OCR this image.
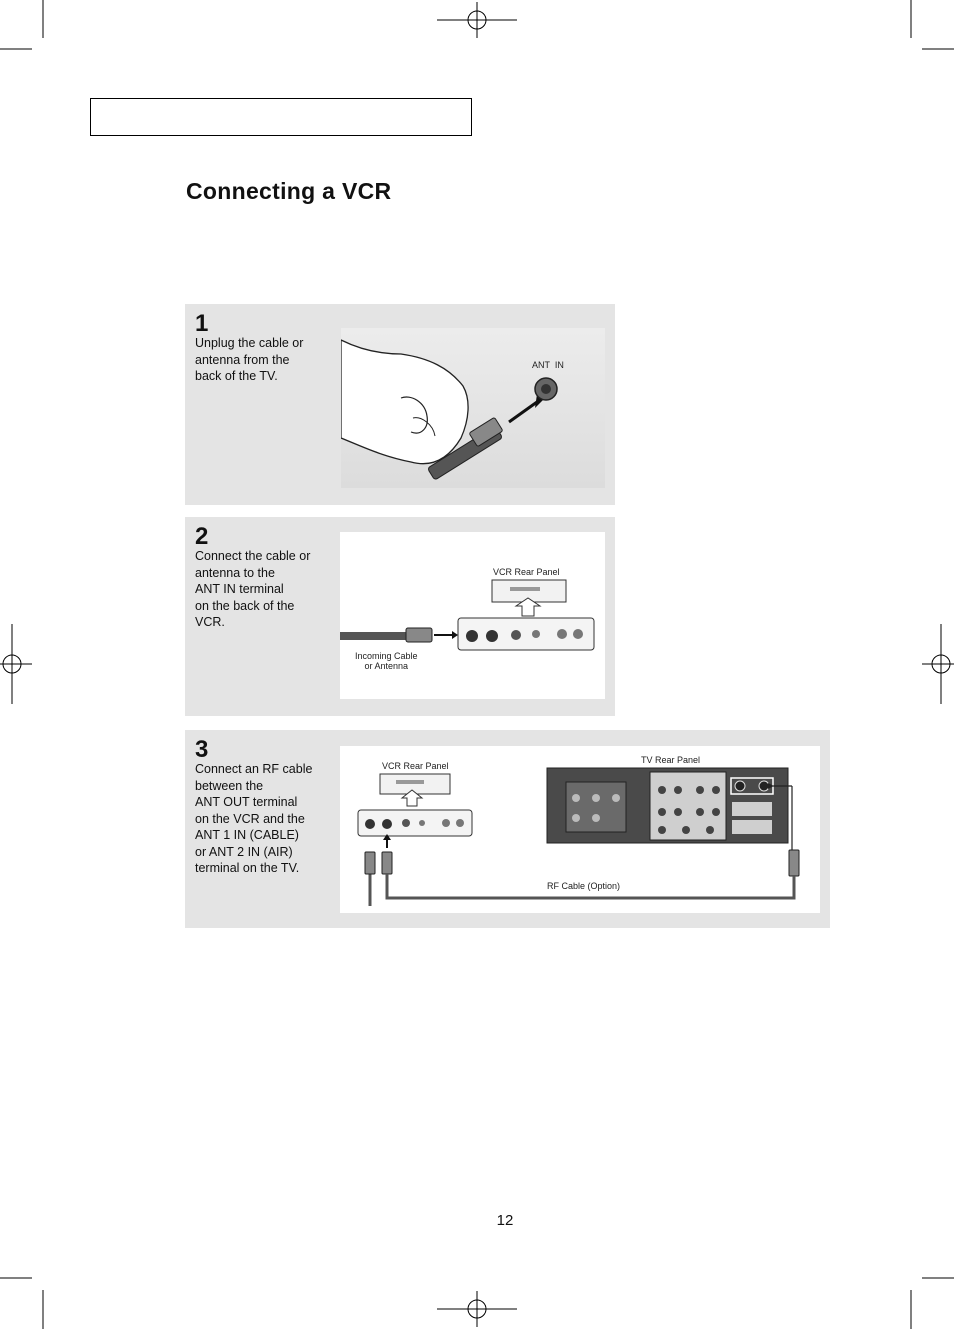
Connecting a VCR
1
Unplug the cable or
antenna from the
back of the TV.
ANT  IN
2
Connect the cable or
antenna to the
ANT IN terminal
on the back of the
VCR.
VCR Rear Panel
Incoming Cable
or Antenna
3
Connect an RF cable
between the
ANT OUT terminal
on the VCR and the
ANT 1 IN (CABLE)
or ANT 2 IN (AIR)
terminal on the TV.
VCR Rear Panel
TV Rear Panel
RF Cable (Option)
12
